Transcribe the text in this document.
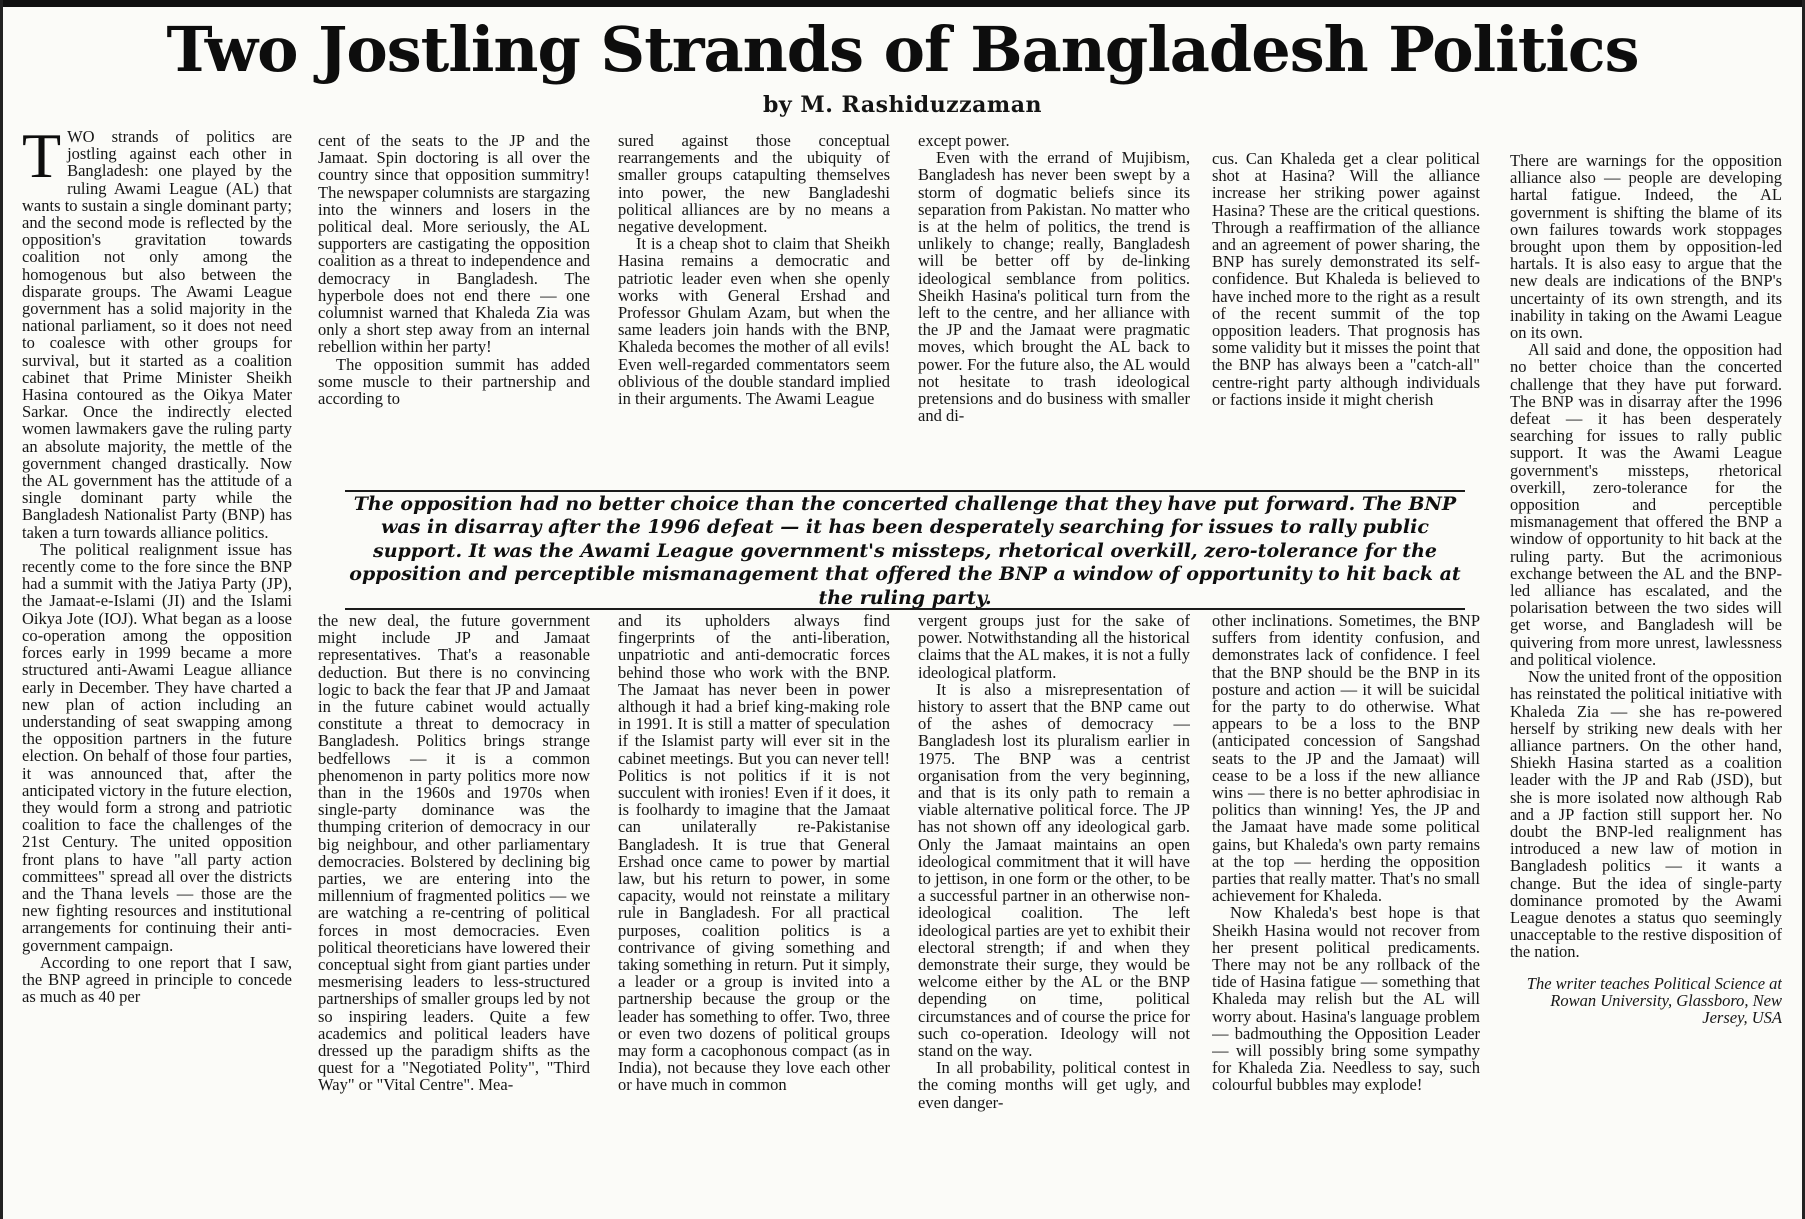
Two Jostling Strands of Bangladesh Politics
by M. Rashiduzzaman

TWO strands of politics are jostling against each other in Bangladesh: one played by the ruling Awami League (AL) that wants to sustain a single dominant party; and the second mode is reflected by the opposition's gravitation towards coalition not only among the homogenous but also between the disparate groups. The Awami League government has a solid majority in the national parliament, so it does not need to coalesce with other groups for survival, but it started as a coalition cabinet that Prime Minister Sheikh Hasina contoured as the Oikya Mater Sarkar. Once the indirectly elected women lawmakers gave the ruling party an absolute majority, the mettle of the government changed drastically. Now the AL government has the attitude of a single dominant party while the Bangladesh Nationalist Party (BNP) has taken a turn towards alliance politics.

The political realignment issue has recently come to the fore since the BNP had a summit with the Jatiya Party (JP), the Jamaat-e-Islami (JI) and the Islami Oikya Jote (IOJ). What began as a loose co-operation among the opposition forces early in 1999 became a more structured anti-Awami League alliance early in December. They have charted a new plan of action including an understanding of seat swapping among the opposition partners in the future election. On behalf of those four parties, it was announced that, after the anticipated victory in the future election, they would form a strong and patriotic coalition to face the challenges of the 21st Century. The united opposition front plans to have "all party action committees" spread all over the districts and the Thana levels — those are the new fighting resources and institutional arrangements for continuing their anti-government campaign.

According to one report that I saw, the BNP agreed in principle to concede as much as 40 per

cent of the seats to the JP and the Jamaat. Spin doctoring is all over the country since that opposition summitry! The newspaper columnists are stargazing into the winners and losers in the political deal. More seriously, the AL supporters are castigating the opposition coalition as a threat to independence and democracy in Bangladesh. The hyperbole does not end there — one columnist warned that Khaleda Zia was only a short step away from an internal rebellion within her party!

The opposition summit has added some muscle to their partnership and according to

sured against those conceptual rearrangements and the ubiquity of smaller groups catapulting themselves into power, the new Bangladeshi political alliances are by no means a negative development.

It is a cheap shot to claim that Sheikh Hasina remains a democratic and patriotic leader even when she openly works with General Ershad and Professor Ghulam Azam, but when the same leaders join hands with the BNP, Khaleda becomes the mother of all evils! Even well-regarded commentators seem oblivious of the double standard implied in their arguments. The Awami League

except power.

Even with the errand of Mujibism, Bangladesh has never been swept by a storm of dogmatic beliefs since its separation from Pakistan. No matter who is at the helm of politics, the trend is unlikely to change; really, Bangladesh will be better off by de-linking ideological semblance from politics. Sheikh Hasina's political turn from the left to the centre, and her alliance with the JP and the Jamaat were pragmatic moves, which brought the AL back to power. For the future also, the AL would not hesitate to trash ideological pretensions and do business with smaller and di-

cus. Can Khaleda get a clear political shot at Hasina? Will the alliance increase her striking power against Hasina? These are the critical questions. Through a reaffirmation of the alliance and an agreement of power sharing, the BNP has surely demonstrated its self-confidence. But Khaleda is believed to have inched more to the right as a result of the recent summit of the top opposition leaders. That prognosis has some validity but it misses the point that the BNP has always been a "catch-all" centre-right party although individuals or factions inside it might cherish

The opposition had no better choice than the concerted challenge that they have put forward. The BNP was in disarray after the 1996 defeat — it has been desperately searching for issues to rally public support. It was the Awami League government's missteps, rhetorical overkill, zero-tolerance for the opposition and perceptible mismanagement that offered the BNP a window of opportunity to hit back at the ruling party.
the new deal, the future government might include JP and Jamaat representatives. That's a reasonable deduction. But there is no convincing logic to back the fear that JP and Jamaat in the future cabinet would actually constitute a threat to democracy in Bangladesh. Politics brings strange bedfellows — it is a common phenomenon in party politics more now than in the 1960s and 1970s when single-party dominance was the thumping criterion of democracy in our big neighbour, and other parliamentary democracies. Bolstered by declining big parties, we are entering into the millennium of fragmented politics — we are watching a re-centring of political forces in most democracies. Even political theoreticians have lowered their conceptual sight from giant parties under mesmerising leaders to less-structured partnerships of smaller groups led by not so inspiring leaders. Quite a few academics and political leaders have dressed up the paradigm shifts as the quest for a "Negotiated Polity", "Third Way" or "Vital Centre". Mea-
and its upholders always find fingerprints of the anti-liberation, unpatriotic and anti-democratic forces behind those who work with the BNP. The Jamaat has never been in power although it had a brief king-making role in 1991. It is still a matter of speculation if the Islamist party will ever sit in the cabinet meetings. But you can never tell! Politics is not politics if it is not succulent with ironies! Even if it does, it is foolhardy to imagine that the Jamaat can unilaterally re-Pakistanise Bangladesh. It is true that General Ershad once came to power by martial law, but his return to power, in some capacity, would not reinstate a military rule in Bangladesh. For all practical purposes, coalition politics is a contrivance of giving something and taking something in return. Put it simply, a leader or a group is invited into a partnership because the group or the leader has something to offer. Two, three or even two dozens of political groups may form a cacophonous compact (as in India), not because they love each other or have much in common

vergent groups just for the sake of power. Notwithstanding all the historical claims that the AL makes, it is not a fully ideological platform.

It is also a misrepresentation of history to assert that the BNP came out of the ashes of democracy — Bangladesh lost its pluralism earlier in 1975. The BNP was a centrist organisation from the very beginning, and that is its only path to remain a viable alternative political force. The JP has not shown off any ideological garb. Only the Jamaat maintains an open ideological commitment that it will have to jettison, in one form or the other, to be a successful partner in an otherwise non-ideological coalition. The left ideological parties are yet to exhibit their electoral strength; if and when they demonstrate their surge, they would be welcome either by the AL or the BNP depending on time, political circumstances and of course the price for such co-operation. Ideology will not stand on the way.

In all probability, political contest in the coming months will get ugly, and even danger-

other inclinations. Sometimes, the BNP suffers from identity confusion, and demonstrates lack of confidence. I feel that the BNP should be the BNP in its posture and action — it will be suicidal for the party to do otherwise. What appears to be a loss to the BNP (anticipated concession of Sangshad seats to the JP and the Jamaat) will cease to be a loss if the new alliance wins — there is no better aphrodisiac in politics than winning! Yes, the JP and the Jamaat have made some political gains, but Khaleda's own party remains at the top — herding the opposition parties that really matter. That's no small achievement for Khaleda.

Now Khaleda's best hope is that Sheikh Hasina would not recover from her present political predicaments. There may not be any rollback of the tide of Hasina fatigue — something that Khaleda may relish but the AL will worry about. Hasina's language problem — badmouthing the Opposition Leader — will possibly bring some sympathy for Khaleda Zia. Needless to say, such colourful bubbles may explode!

There are warnings for the opposition alliance also — people are developing hartal fatigue. Indeed, the AL government is shifting the blame of its own failures towards work stoppages brought upon them by opposition-led hartals. It is also easy to argue that the new deals are indications of the BNP's uncertainty of its own strength, and its inability in taking on the Awami League on its own.

All said and done, the opposition had no better choice than the concerted challenge that they have put forward. The BNP was in disarray after the 1996 defeat — it has been desperately searching for issues to rally public support. It was the Awami League government's missteps, rhetorical overkill, zero-tolerance for the opposition and perceptible mismanagement that offered the BNP a window of opportunity to hit back at the ruling party. But the acrimonious exchange between the AL and the BNP-led alliance has escalated, and the polarisation between the two sides will get worse, and Bangladesh will be quivering from more unrest, lawlessness and political violence.

Now the united front of the opposition has reinstated the political initiative with Khaleda Zia — she has re-powered herself by striking new deals with her alliance partners. On the other hand, Shiekh Hasina started as a coalition leader with the JP and Rab (JSD), but she is more isolated now although Rab and a JP faction still support her. No doubt the BNP-led realignment has introduced a new law of motion in Bangladesh politics — it wants a change. But the idea of single-party dominance promoted by the Awami League denotes a status quo seemingly unacceptable to the restive disposition of the nation.

The writer teaches Political Science at Rowan University, Glassboro, New Jersey, USA
